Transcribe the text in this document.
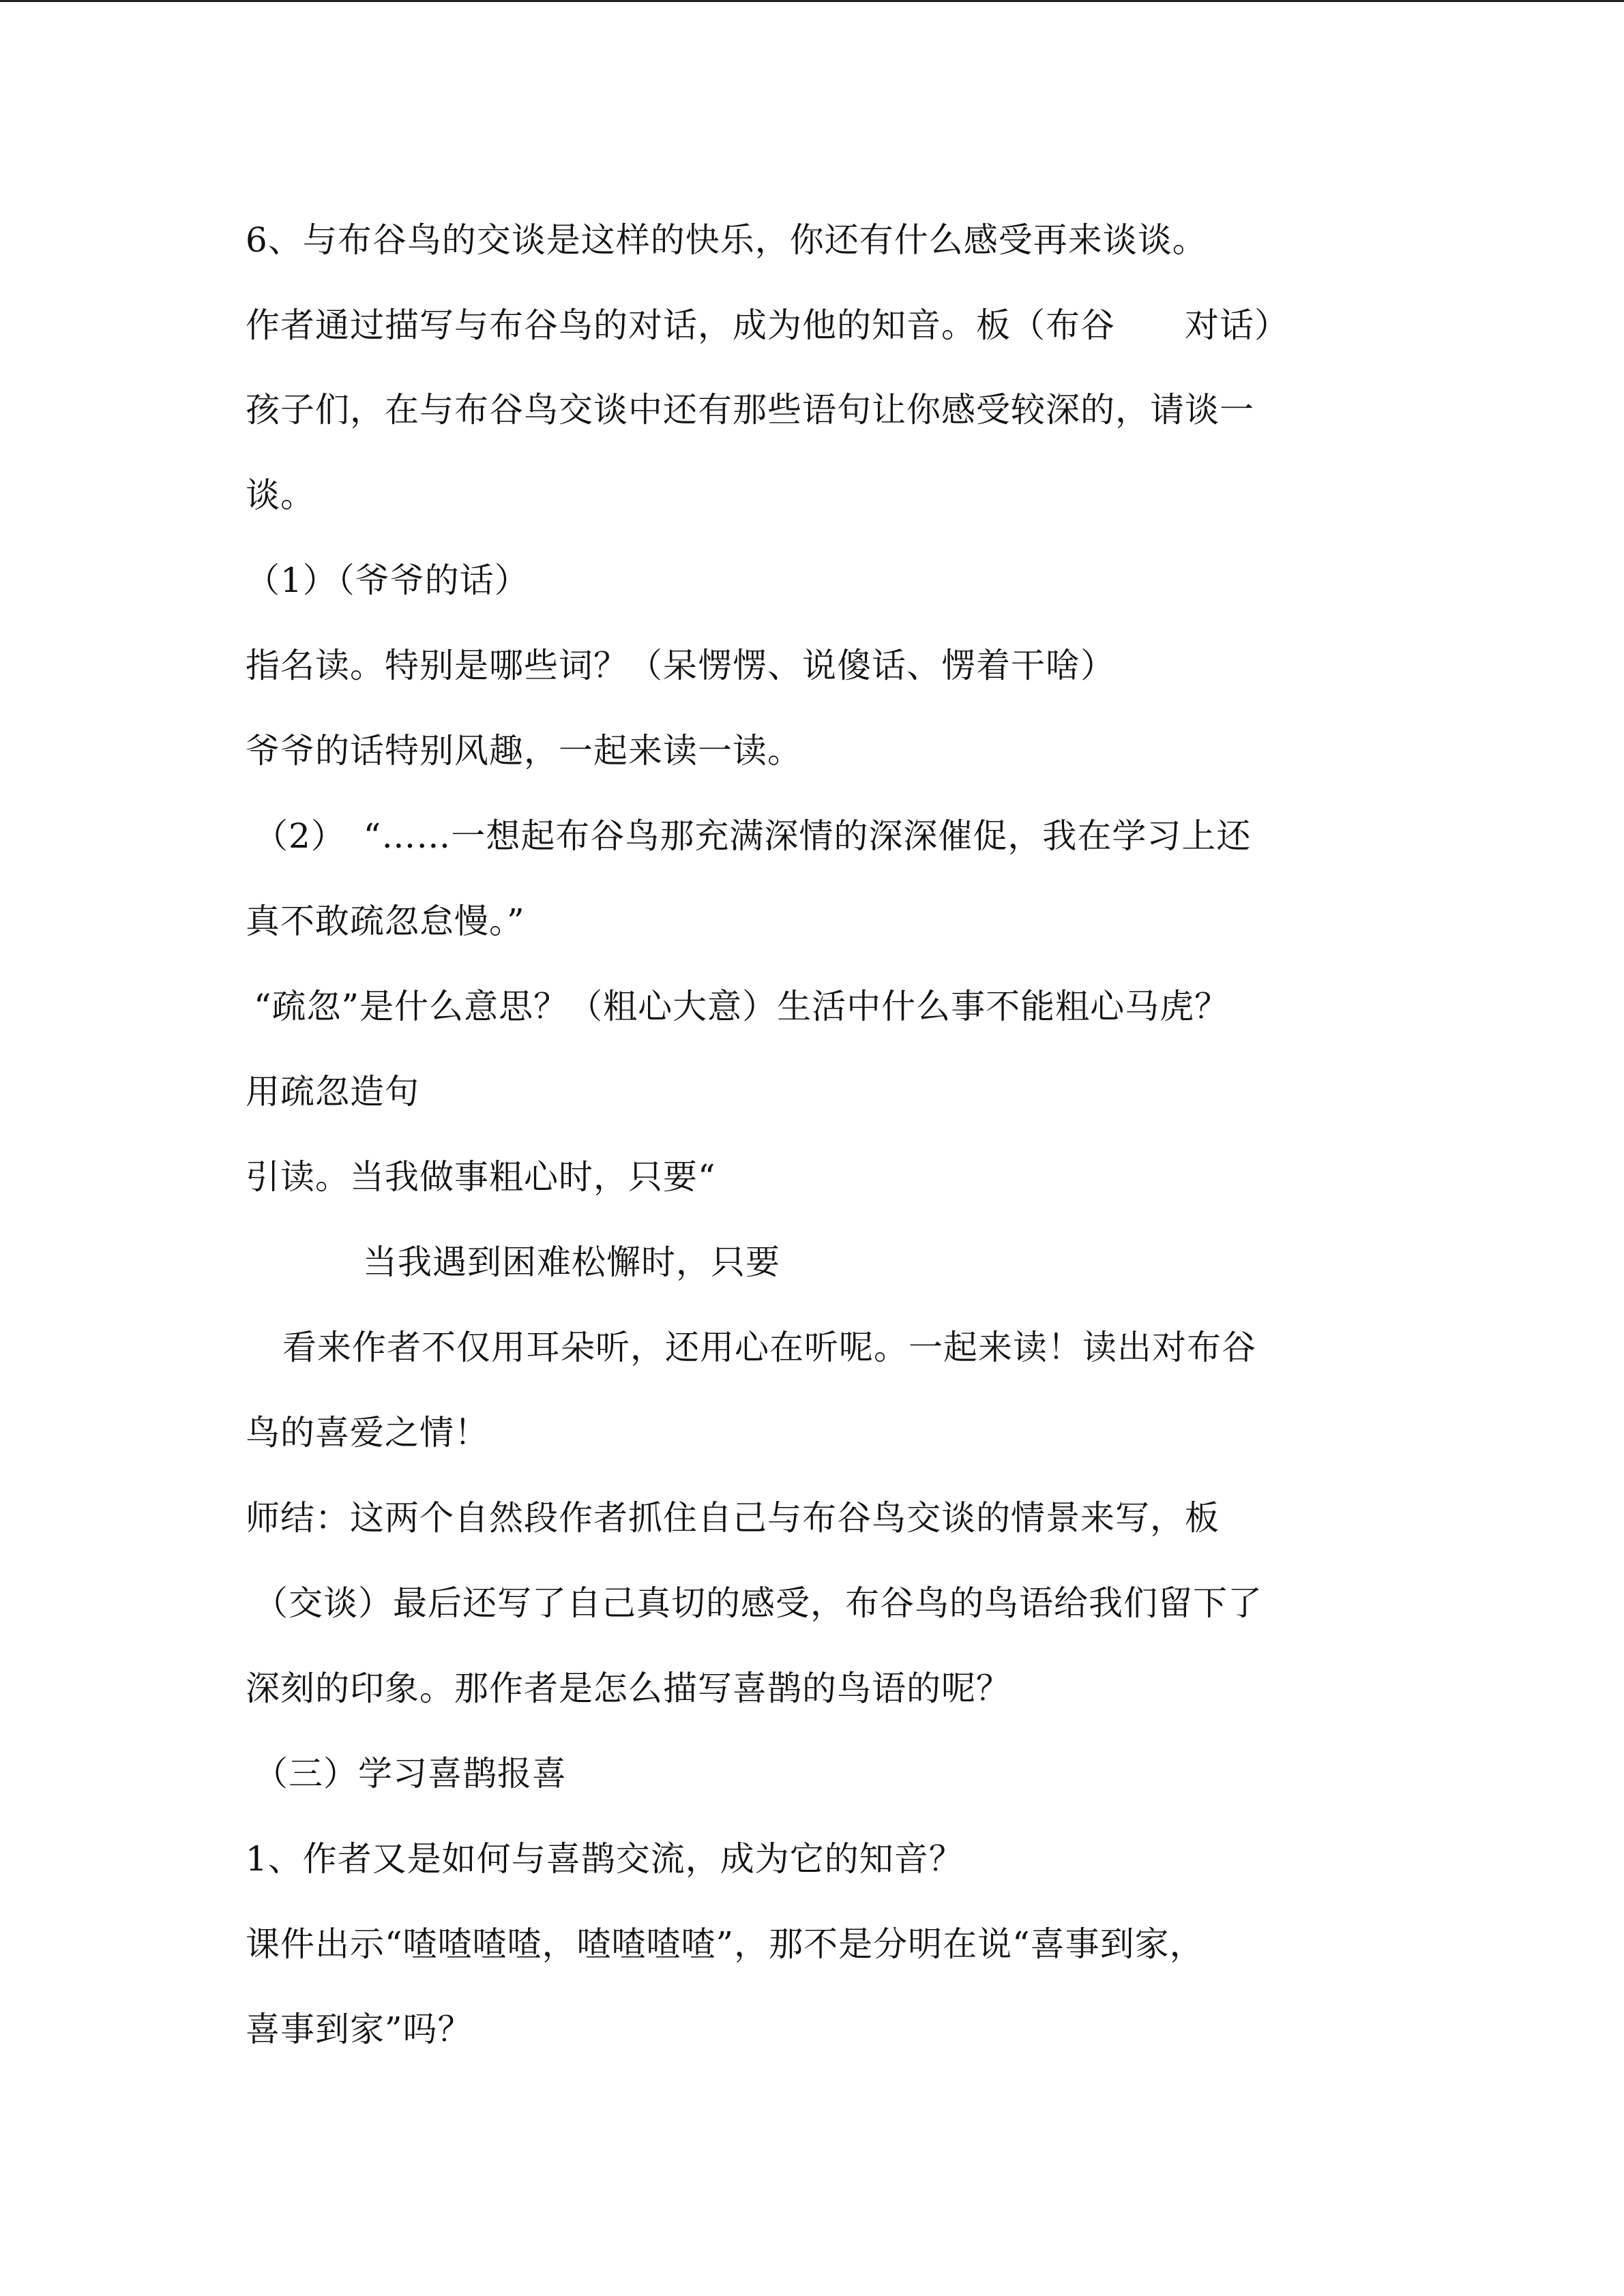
6、与布谷鸟的交谈是这样的快乐，你还有什么感受再来谈谈。
作者通过描写与布谷鸟的对话，成为他的知音。板（布谷　　对话）
孩子们，在与布谷鸟交谈中还有那些语句让你感受较深的，请谈一
谈。
（1）（爷爷的话）
指名读。特别是哪些词？（呆愣愣、说傻话、愣着干啥）
爷爷的话特别风趣，一起来读一读。
（2）　“……一想起布谷鸟那充满深情的深深催促，我在学习上还
真不敢疏忽怠慢。”
“疏忽”是什么意思？（粗心大意）生活中什么事不能粗心马虎？
用疏忽造句
引读。当我做事粗心时，只要“
当我遇到困难松懈时，只要
看来作者不仅用耳朵听，还用心在听呢。一起来读！读出对布谷
鸟的喜爱之情！
师结：这两个自然段作者抓住自己与布谷鸟交谈的情景来写，板
（交谈）最后还写了自己真切的感受，布谷鸟的鸟语给我们留下了
深刻的印象。那作者是怎么描写喜鹊的鸟语的呢？
（三）学习喜鹊报喜
1、作者又是如何与喜鹊交流，成为它的知音？
课件出示“喳喳喳喳，喳喳喳喳”，那不是分明在说“喜事到家，
喜事到家”吗？
